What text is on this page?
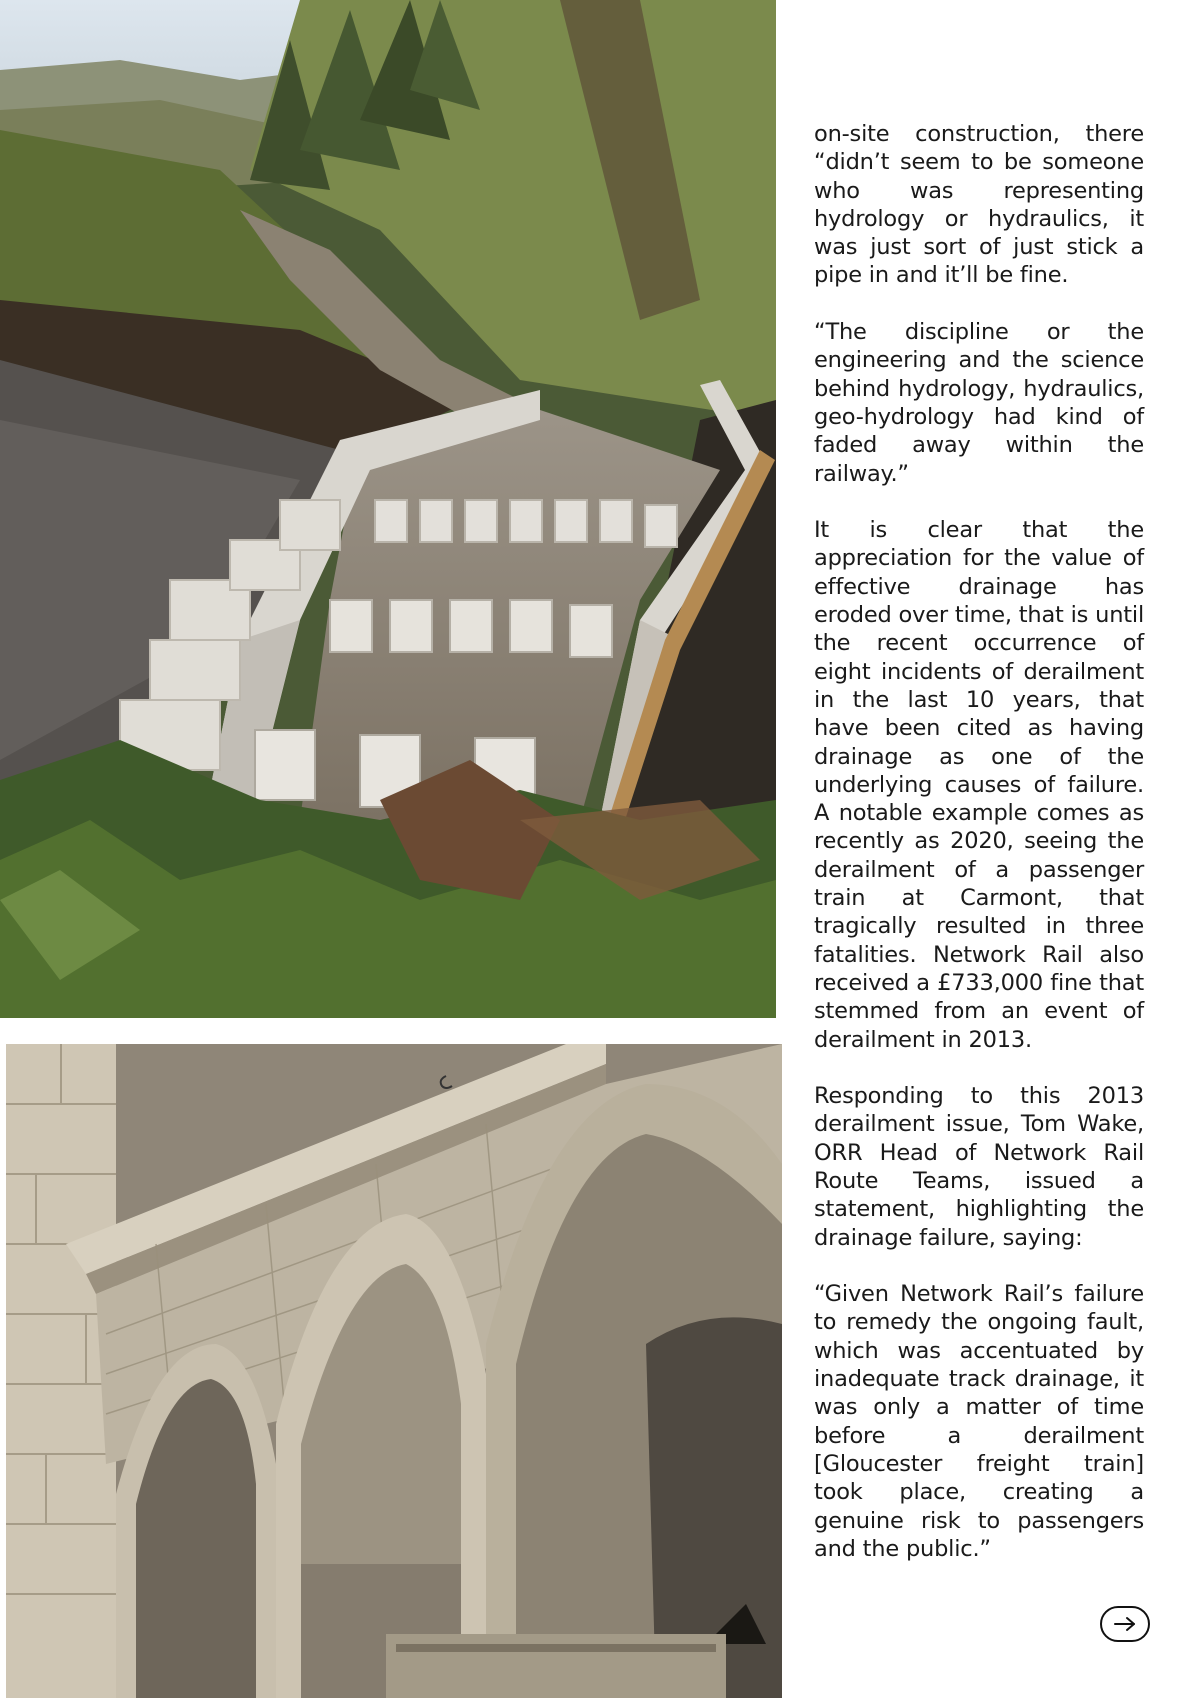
on-site construction, there “didn’t seem to be someone who was representing hydrology or hydraulics, it was just sort of just stick a pipe in and it’ll be fine.

“The discipline or the engineering and the science behind hydrology, hydraulics, geo-hydrology had kind of faded away within the railway.”

It is clear that the appreciation for the value of effective drainage has eroded over time, that is until the recent occurrence of eight incidents of derailment in the last 10 years, that have been cited as having drainage as one of the underlying causes of failure. A notable example comes as recently as 2020, seeing the derailment of a passenger train at Carmont, that tragically resulted in three fatalities. Network Rail also received a £733,000 fine that stemmed from an event of derailment in 2013.

Responding to this 2013 derailment issue, Tom Wake, ORR Head of Network Rail Route Teams, issued a statement, highlighting the drainage failure, saying:

“Given Network Rail’s failure to remedy the ongoing fault, which was accentuated by inadequate track drainage, it was only a matter of time before a derailment [Gloucester freight train] took place, creating a genuine risk to passengers and the public.”
